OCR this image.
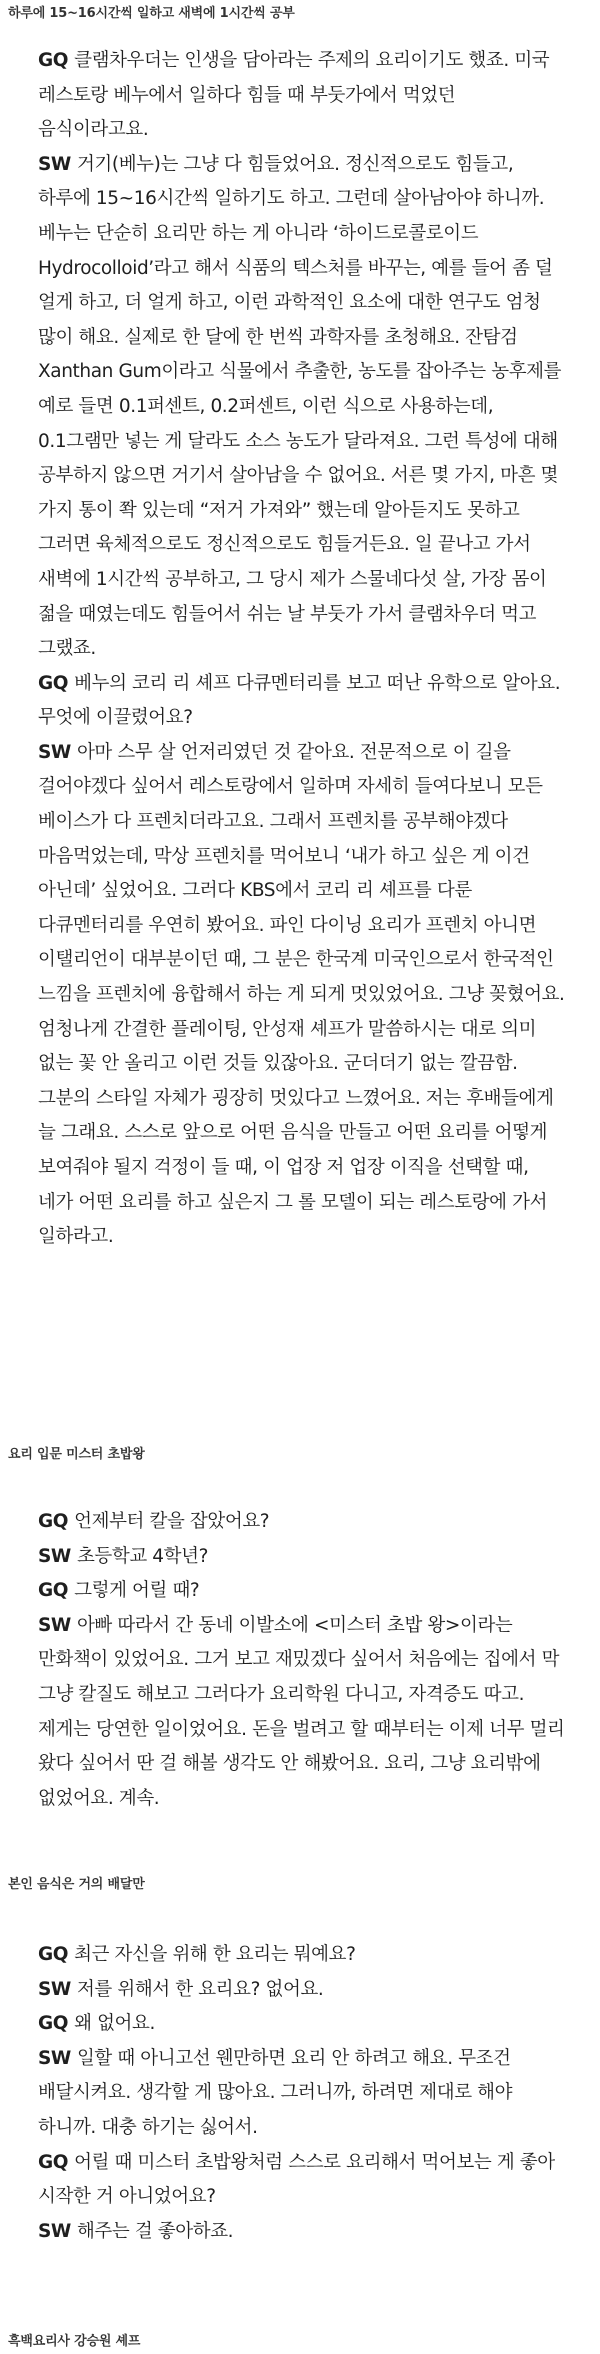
하루에 15~16시간씩 일하고 새벽에 1시간씩 공부

GQ 클램차우더는 인생을 담아라는 주제의 요리이기도 했죠. 미국 레스토랑 베누에서 일하다 힘들 때 부둣가에서 먹었던 음식이라고요.

SW 거기(베누)는 그냥 다 힘들었어요. 정신적으로도 힘들고, 하루에 15~16시간씩 일하기도 하고. 그런데 살아남아야 하니까. 베누는 단순히 요리만 하는 게 아니라 ‘하이드로콜로이드 Hydrocolloid’라고 해서 식품의 텍스처를 바꾸는, 예를 들어 좀 덜 얼게 하고, 더 얼게 하고, 이런 과학적인 요소에 대한 연구도 엄청 많이 해요. 실제로 한 달에 한 번씩 과학자를 초청해요. 잔탐검 Xanthan Gum이라고 식물에서 추출한, 농도를 잡아주는 농후제를 예로 들면 0.1퍼센트, 0.2퍼센트, 이런 식으로 사용하는데, 0.1그램만 넣는 게 달라도 소스 농도가 달라져요. 그런 특성에 대해 공부하지 않으면 거기서 살아남을 수 없어요. 서른 몇 가지, 마흔 몇 가지 통이 쫙 있는데 “저거 가져와” 했는데 알아듣지도 못하고 그러면 육체적으로도 정신적으로도 힘들거든요. 일 끝나고 가서 새벽에 1시간씩 공부하고, 그 당시 제가 스물네다섯 살, 가장 몸이 젊을 때였는데도 힘들어서 쉬는 날 부둣가 가서 클램차우더 먹고 그랬죠.

GQ 베누의 코리 리 셰프 다큐멘터리를 보고 떠난 유학으로 알아요. 무엇에 이끌렸어요?

SW 아마 스무 살 언저리였던 것 같아요. 전문적으로 이 길을 걸어야겠다 싶어서 레스토랑에서 일하며 자세히 들여다보니 모든 베이스가 다 프렌치더라고요. 그래서 프렌치를 공부해야겠다 마음먹었는데, 막상 프렌치를 먹어보니 ‘내가 하고 싶은 게 이건 아닌데’ 싶었어요. 그러다 KBS에서 코리 리 셰프를 다룬 다큐멘터리를 우연히 봤어요. 파인 다이닝 요리가 프렌치 아니면 이탤리언이 대부분이던 때, 그 분은 한국계 미국인으로서 한국적인 느낌을 프렌치에 융합해서 하는 게 되게 멋있었어요. 그냥 꽂혔어요. 엄청나게 간결한 플레이팅, 안성재 셰프가 말씀하시는 대로 의미 없는 꽃 안 올리고 이런 것들 있잖아요. 군더더기 없는 깔끔함. 그분의 스타일 자체가 굉장히 멋있다고 느꼈어요. 저는 후배들에게 늘 그래요. 스스로 앞으로 어떤 음식을 만들고 어떤 요리를 어떻게 보여줘야 될지 걱정이 들 때, 이 업장 저 업장 이직을 선택할 때, 네가 어떤 요리를 하고 싶은지 그 롤 모델이 되는 레스토랑에 가서 일하라고.

요리 입문 미스터 초밥왕

GQ 언제부터 칼을 잡았어요?

SW 초등학교 4학년?

GQ 그렇게 어릴 때?

SW 아빠 따라서 간 동네 이발소에 <미스터 초밥 왕>이라는 만화책이 있었어요. 그거 보고 재밌겠다 싶어서 처음에는 집에서 막 그냥 칼질도 해보고 그러다가 요리학원 다니고, 자격증도 따고. 제게는 당연한 일이었어요. 돈을 벌려고 할 때부터는 이제 너무 멀리 왔다 싶어서 딴 걸 해볼 생각도 안 해봤어요. 요리, 그냥 요리밖에 없었어요. 계속.

본인 음식은 거의 배달만

GQ 최근 자신을 위해 한 요리는 뭐예요?

SW 저를 위해서 한 요리요? 없어요.

GQ 왜 없어요.

SW 일할 때 아니고선 웬만하면 요리 안 하려고 해요. 무조건 배달시켜요. 생각할 게 많아요. 그러니까, 하려면 제대로 해야 하니까. 대충 하기는 싫어서.

GQ 어릴 때 미스터 초밥왕처럼 스스로 요리해서 먹어보는 게 좋아 시작한 거 아니었어요?

SW 해주는 걸 좋아하죠.

흑백요리사 강승원 셰프
